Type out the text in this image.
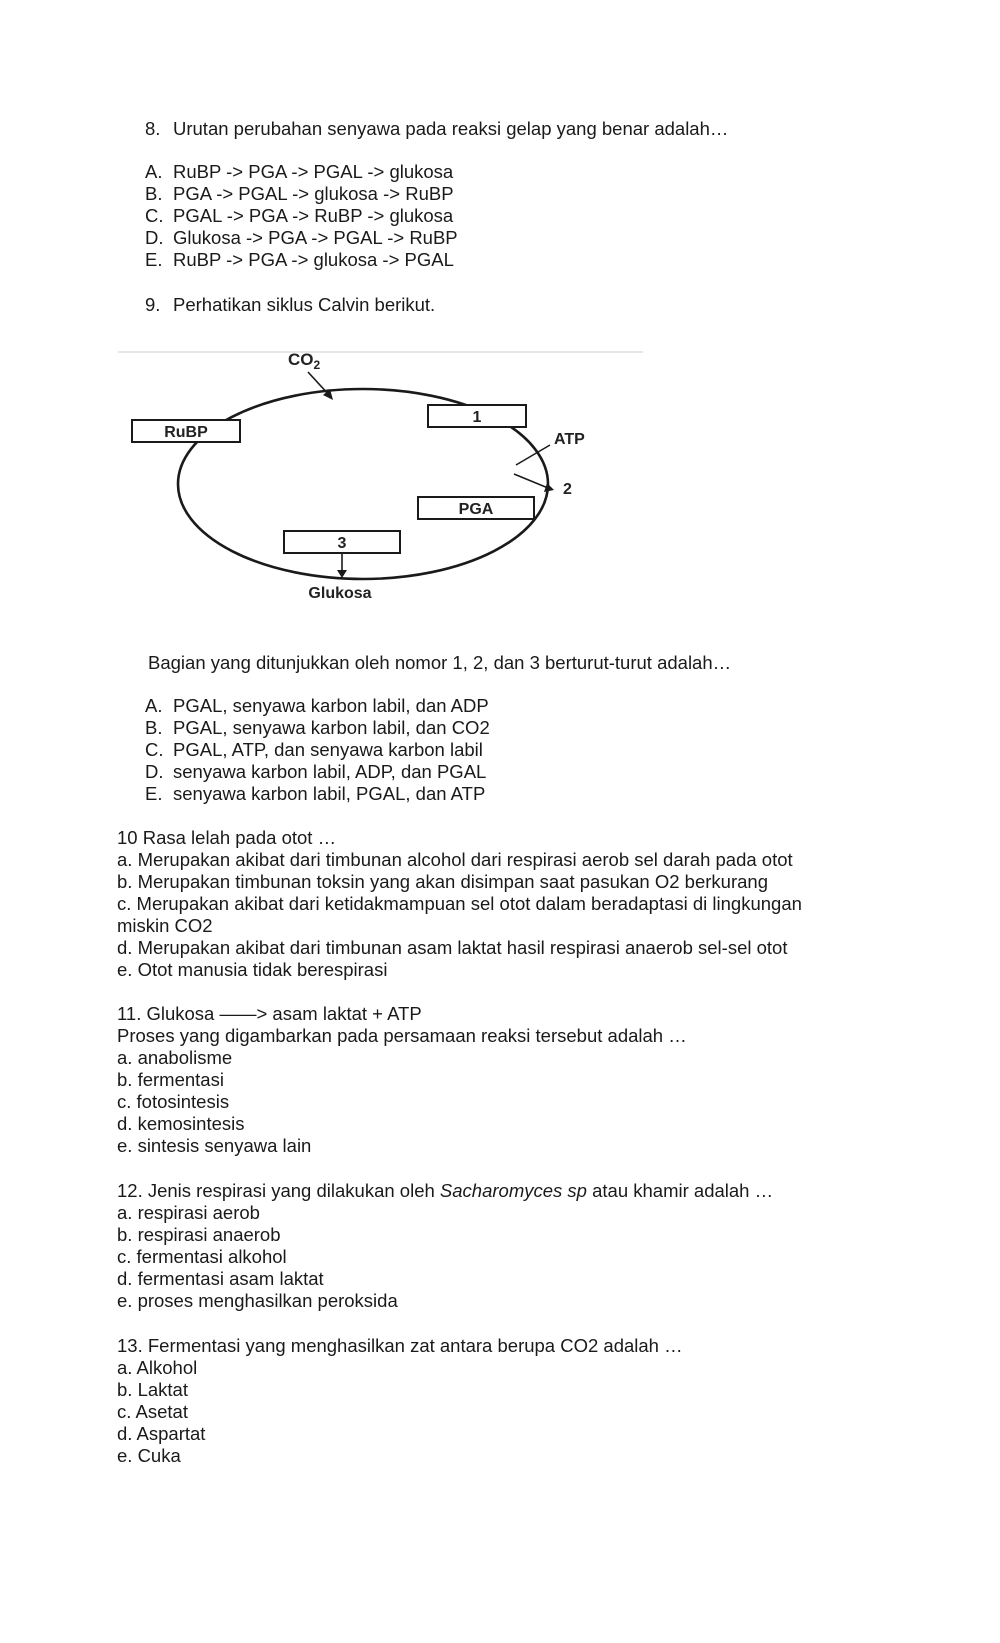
8. Urutan perubahan senyawa pada reaksi gelap yang benar adalah…
A. RuBP -> PGA -> PGAL -> glukosa
B. PGA -> PGAL -> glukosa -> RuBP
C. PGAL -> PGA -> RuBP -> glukosa
D. Glukosa -> PGA -> PGAL -> RuBP
E. RuBP -> PGA -> glukosa -> PGAL
9. Perhatikan siklus Calvin berikut.
$CO_2$
RuBP
1
ATP
2
PGA
3
Glukosa
Bagian yang ditunjukkan oleh nomor 1, 2, dan 3 berturut-turut adalah…
A. PGAL, senyawa karbon labil, dan ADP
B. PGAL, senyawa karbon labil, dan CO2
C. PGAL, ATP, dan senyawa karbon labil
D. senyawa karbon labil, ADP, dan PGAL
E. senyawa karbon labil, PGAL, dan ATP
10 Rasa lelah pada otot …
a. Merupakan akibat dari timbunan alcohol dari respirasi aerob sel darah pada otot
b. Merupakan timbunan toksin yang akan disimpan saat pasukan O2 berkurang
c. Merupakan akibat dari ketidakmampuan sel otot dalam beradaptasi di lingkungan
miskin CO2
d. Merupakan akibat dari timbunan asam laktat hasil respirasi anaerob sel-sel otot
e. Otot manusia tidak berespirasi
11. Glukosa ——> asam laktat + ATP
Proses yang digambarkan pada persamaan reaksi tersebut adalah …
a. anabolisme
b. fermentasi
c. fotosintesis
d. kemosintesis
e. sintesis senyawa lain
12. Jenis respirasi yang dilakukan oleh Sacharomyces sp atau khamir adalah …
a. respirasi aerob
b. respirasi anaerob
c. fermentasi alkohol
d. fermentasi asam laktat
e. proses menghasilkan peroksida
13. Fermentasi yang menghasilkan zat antara berupa CO2 adalah …
a. Alkohol
b. Laktat
c. Asetat
d. Aspartat
e. Cuka
